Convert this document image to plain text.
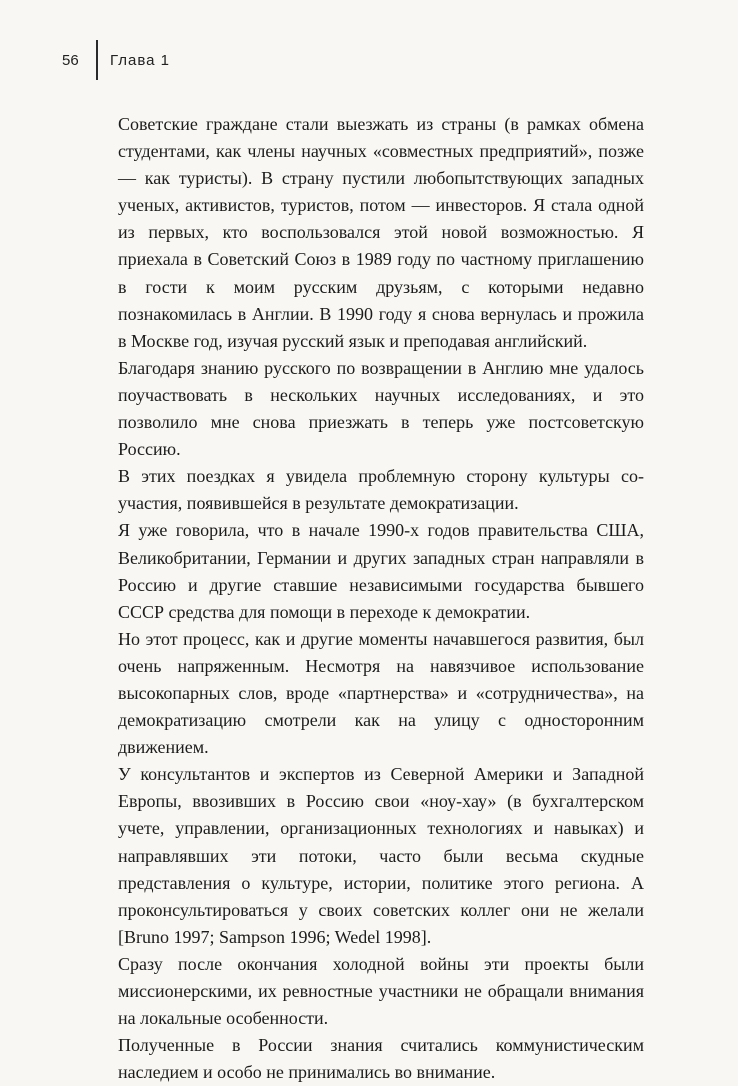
56	Глава 1

Советские граждане стали выезжать из страны (в рамках обмена студентами, как члены научных «совместных предприятий», позже — как туристы). В страну пустили любопытствующих западных ученых, активистов, туристов, потом — инвесторов. Я стала одной из первых, кто воспользовался этой новой возможностью. Я приехала в Советский Союз в 1989 году по частному приглашению в гости к моим русским друзьям, с которыми недавно познакомилась в Англии. В 1990 году я снова вернулась и прожила в Москве год, изучая русский язык и преподавая английский.

Благодаря знанию русского по возвращении в Англию мне удалось поучаствовать в нескольких научных исследованиях, и это позволило мне снова приезжать в теперь уже постсоветскую Россию.

В этих поездках я увидела проблемную сторону культуры со-участия, появившейся в результате демократизации.

Я уже говорила, что в начале 1990-х годов правительства США, Великобритании, Германии и других западных стран направляли в Россию и другие ставшие независимыми государства бывшего СССР средства для помощи в переходе к демократии.

Но этот процесс, как и другие моменты начавшегося развития, был очень напряженным. Несмотря на навязчивое использование высокопарных слов, вроде «партнерства» и «сотрудничества», на демократизацию смотрели как на улицу с односторонним движением.

У консультантов и экспертов из Северной Америки и Западной Европы, ввозивших в Россию свои «ноу-хау» (в бухгалтерском учете, управлении, организационных технологиях и навыках) и направлявших эти потоки, часто были весьма скудные представления о культуре, истории, политике этого региона. А проконсультироваться у своих советских коллег они не желали [Bruno 1997; Sampson 1996; Wedel 1998].

Сразу после окончания холодной войны эти проекты были миссионерскими, их ревностные участники не обращали внимания на локальные особенности.

Полученные в России знания считались коммунистическим наследием и особо не принимались во внимание.
